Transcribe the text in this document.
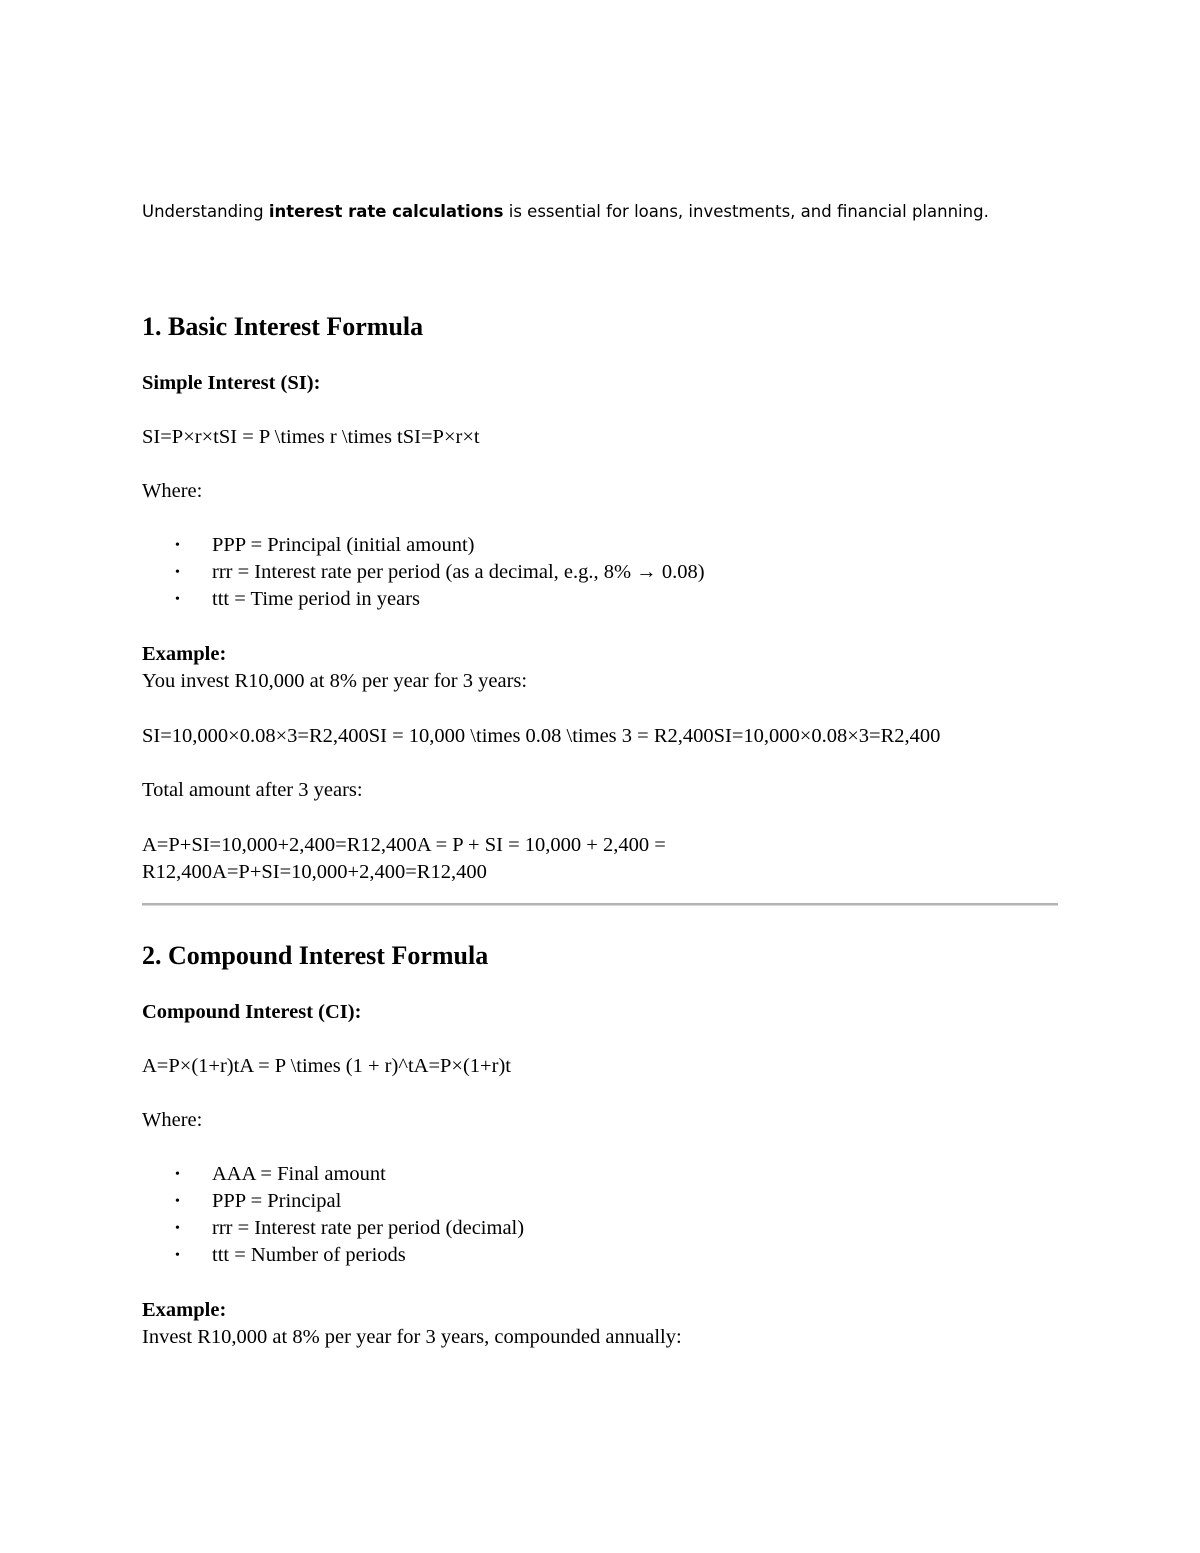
Understanding interest rate calculations is essential for loans, investments, and financial planning.
1. Basic Interest Formula
Simple Interest (SI):
SI=P×r×tSI = P \times r \times tSI=P×r×t
Where:
• PPP = Principal (initial amount)
• rrr = Interest rate per period (as a decimal, e.g., 8% → 0.08)
• ttt = Time period in years
Example:
You invest R10,000 at 8% per year for 3 years:
SI=10,000×0.08×3=R2,400SI = 10,000 \times 0.08 \times 3 = R2,400SI=10,000×0.08×3=R2,400
Total amount after 3 years:
A=P+SI=10,000+2,400=R12,400A = P + SI = 10,000 + 2,400 =
R12,400A=P+SI=10,000+2,400=R12,400
2. Compound Interest Formula
Compound Interest (CI):
A=P×(1+r)tA = P \times (1 + r)^tA=P×(1+r)t
Where:
• AAA = Final amount
• PPP = Principal
• rrr = Interest rate per period (decimal)
• ttt = Number of periods
Example:
Invest R10,000 at 8% per year for 3 years, compounded annually:
